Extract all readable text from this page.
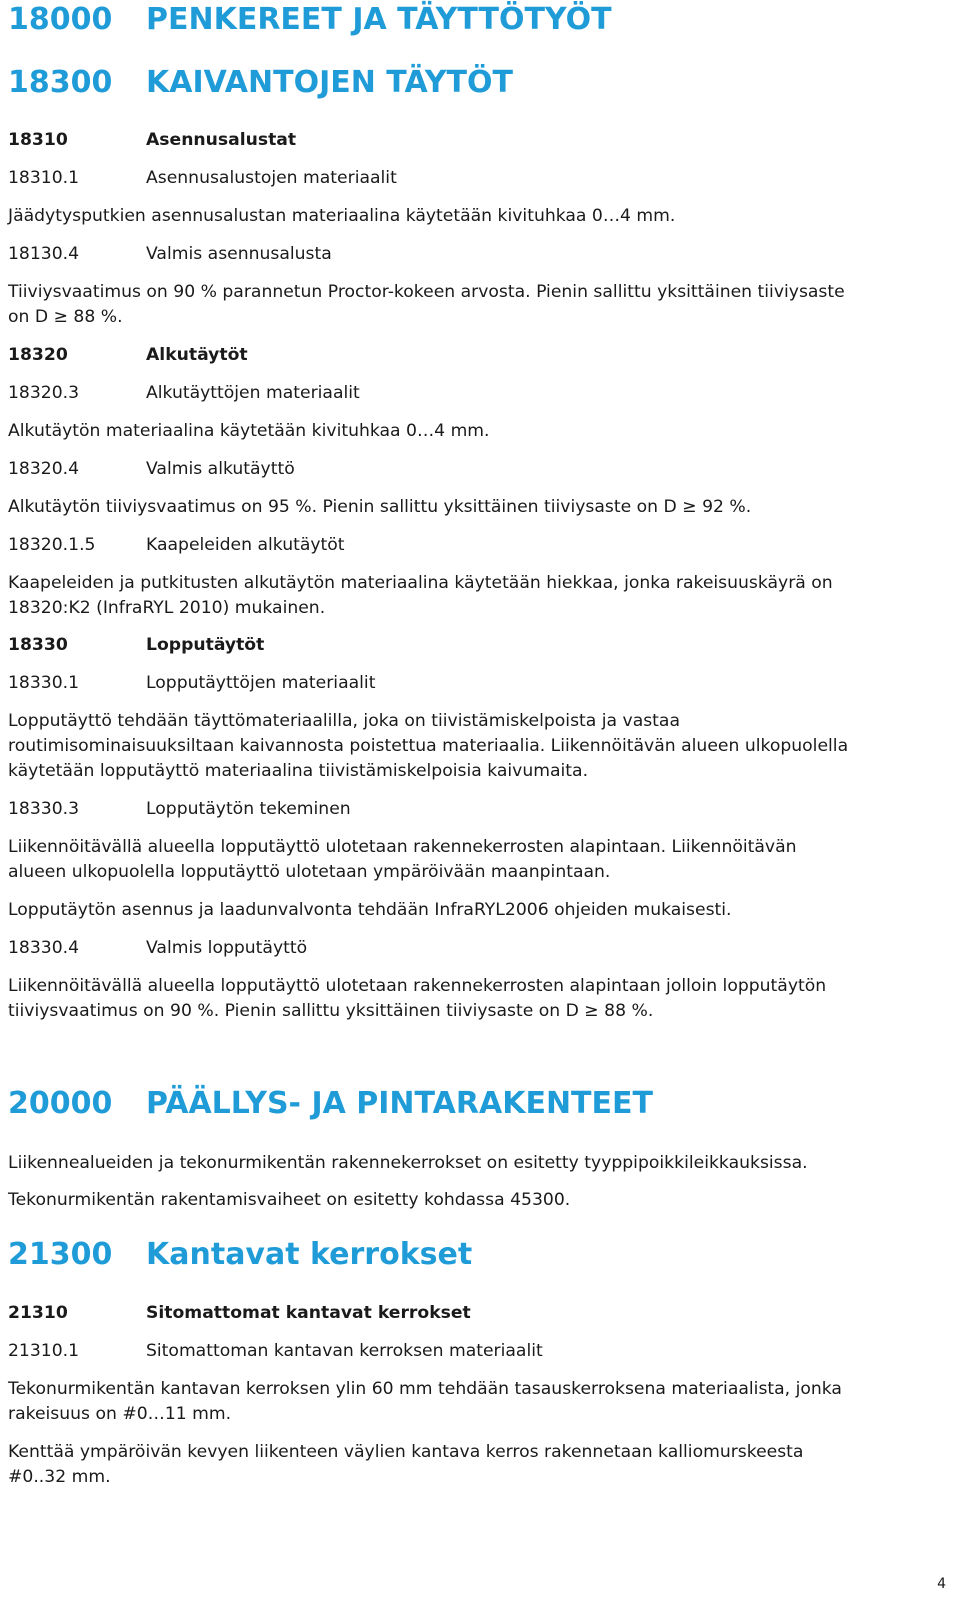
18000 PENKEREET JA TÄYTTÖTYÖT
18300 KAIVANTOJEN TÄYTÖT
18310	Asennusalustat
18310.1	Asennusalustojen materiaalit
Jäädytysputkien asennusalustan materiaalina käytetään kivituhkaa 0…4 mm.
18130.4	Valmis asennusalusta
Tiiviysvaatimus on 90 % parannetun Proctor-kokeen arvosta. Pienin sallittu yksittäinen tiiviysaste
on D ≥ 88 %.
18320	Alkutäytöt
18320.3	Alkutäyttöjen materiaalit
Alkutäytön materiaalina käytetään kivituhkaa 0…4 mm.
18320.4	Valmis alkutäyttö
Alkutäytön tiiviysvaatimus on 95 %. Pienin sallittu yksittäinen tiiviysaste on D ≥ 92 %.
18320.1.5	Kaapeleiden alkutäytöt
Kaapeleiden ja putkitusten alkutäytön materiaalina käytetään hiekkaa, jonka rakeisuuskäyrä on
18320:K2 (InfraRYL 2010) mukainen.
18330	Lopputäytöt
18330.1	Lopputäyttöjen materiaalit
Lopputäyttö tehdään täyttömateriaalilla, joka on tiivistämiskelpoista ja vastaa
routimisominaisuuksiltaan kaivannosta poistettua materiaalia. Liikennöitävän alueen ulkopuolella
käytetään lopputäyttö materiaalina tiivistämiskelpoisia kaivumaita.
18330.3	Lopputäytön tekeminen
Liikennöitävällä alueella lopputäyttö ulotetaan rakennekerrosten alapintaan. Liikennöitävän
alueen ulkopuolella lopputäyttö ulotetaan ympäröivään maanpintaan.
Lopputäytön asennus ja laadunvalvonta tehdään InfraRYL2006 ohjeiden mukaisesti.
18330.4	Valmis lopputäyttö
Liikennöitävällä alueella lopputäyttö ulotetaan rakennekerrosten alapintaan jolloin lopputäytön
tiiviysvaatimus on 90 %. Pienin sallittu yksittäinen tiiviysaste on D ≥ 88 %.
20000 PÄÄLLYS- JA PINTARAKENTEET
Liikennealueiden ja tekonurmikentän rakennekerrokset on esitetty tyyppipoikkileikkauksissa.
Tekonurmikentän rakentamisvaiheet on esitetty kohdassa 45300.
21300 Kantavat kerrokset
21310	Sitomattomat kantavat kerrokset
21310.1	Sitomattoman kantavan kerroksen materiaalit
Tekonurmikentän kantavan kerroksen ylin 60 mm tehdään tasauskerroksena materiaalista, jonka
rakeisuus on #0…11 mm.
Kenttää ympäröivän kevyen liikenteen väylien kantava kerros rakennetaan kalliomurskeesta
#0..32 mm.
4
